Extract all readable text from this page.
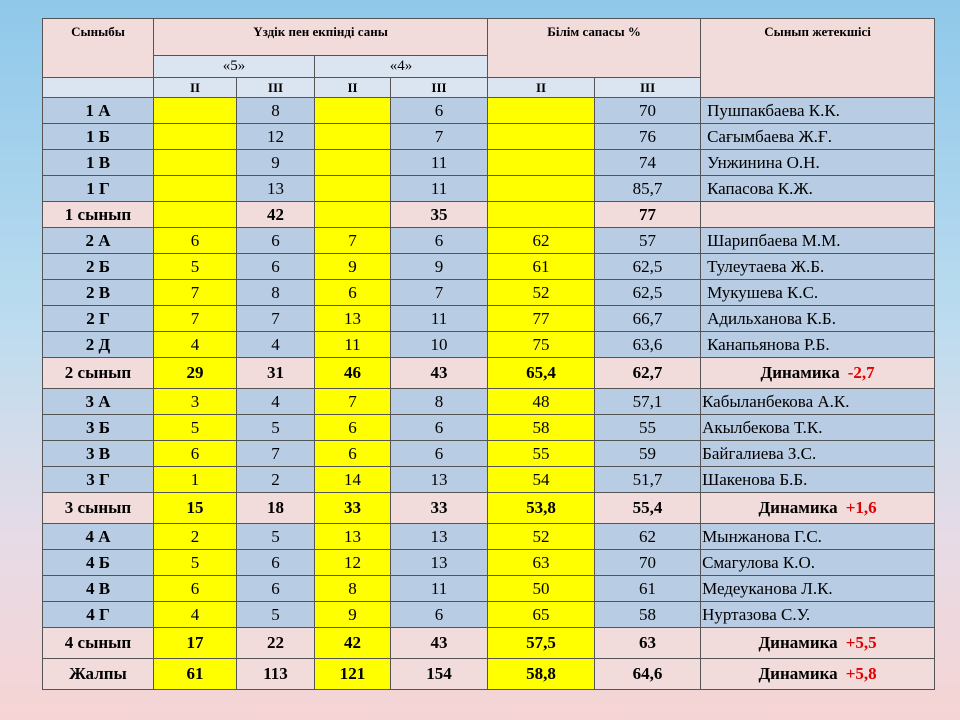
Сыныбы	Үздік пен екпінді саны				Білім сапасы %		Сынып жетекшісі
	«5»		«4»				
	II	III	II	III	II	III	
1 А		8		6		70	Пушпакбаева К.К.
1 Б		12		7		76	Сағымбаева Ж.Ғ.
1 В		9		11		74	Унжинина О.Н.
1 Г		13		11		85,7	Капасова К.Ж.
1 сынып		42		35		77	
2 А	6	6	7	6	62	57	Шарипбаева М.М.
2 Б	5	6	9	9	61	62,5	Тулеутаева Ж.Б.
2 В	7	8	6	7	52	62,5	Мукушева К.С.
2 Г	7	7	13	11	77	66,7	Адильханова К.Б.
2 Д	4	4	11	10	75	63,6	Канапьянова Р.Б.
2 сынып	29	31	46	43	65,4	62,7	Динамика -2,7
3 А	3	4	7	8	48	57,1	Кабыланбекова А.К.
3 Б	5	5	6	6	58	55	Акылбекова Т.К.
3 В	6	7	6	6	55	59	Байгалиева З.С.
3 Г	1	2	14	13	54	51,7	Шакенова Б.Б.
3 сынып	15	18	33	33	53,8	55,4	Динамика +1,6
4 А	2	5	13	13	52	62	Мынжанова Г.С.
4 Б	5	6	12	13	63	70	Смагулова К.О.
4 В	6	6	8	11	50	61	Медеуканова Л.К.
4 Г	4	5	9	6	65	58	Нуртазова С.У.
4 сынып	17	22	42	43	57,5	63	Динамика +5,5
Жалпы	61	113	121	154	58,8	64,6	Динамика +5,8
